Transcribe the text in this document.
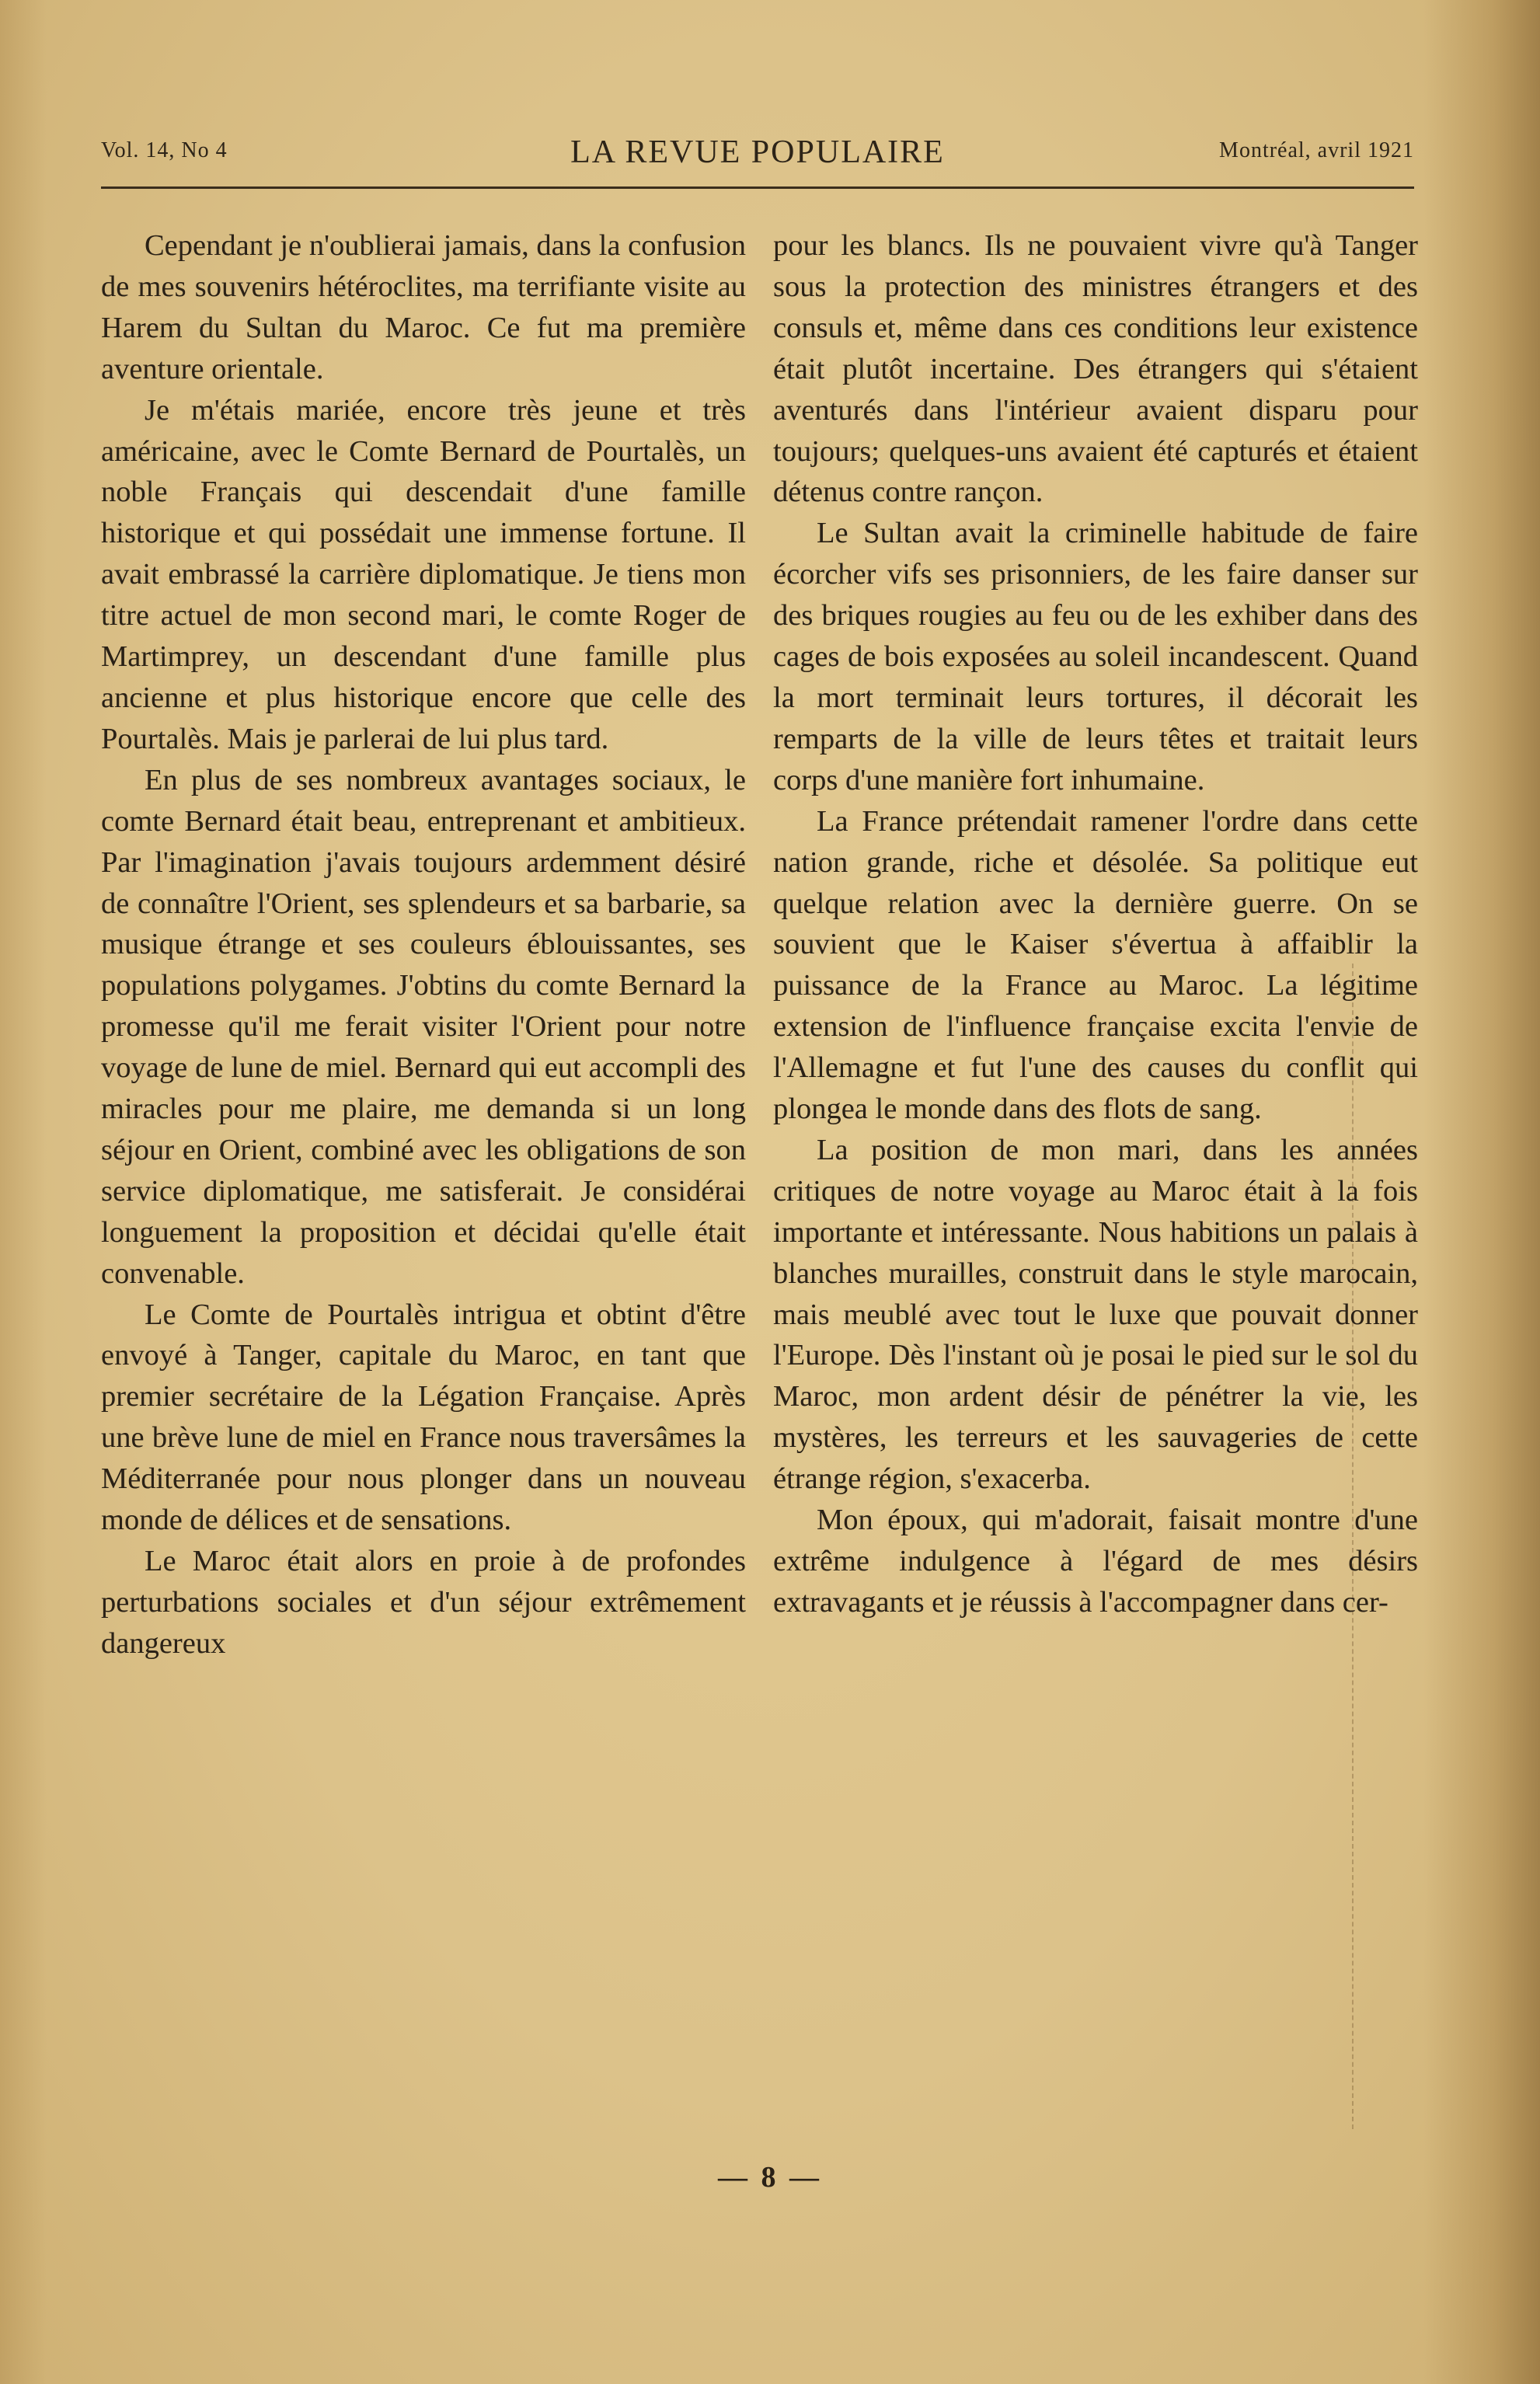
Vol. 14, No 4	LA REVUE POPULAIRE	Montréal, avril 1921

Cependant je n'oublierai jamais, dans la confusion de mes souvenirs hétéroclites, ma terrifiante visite au Harem du Sultan du Maroc. Ce fut ma première aventure orientale.

Je m'étais mariée, encore très jeune et très américaine, avec le Comte Bernard de Pourtalès, un noble Français qui descendait d'une famille historique et qui possédait une immense fortune. Il avait embrassé la carrière diplomatique. Je tiens mon titre actuel de mon second mari, le comte Roger de Martimprey, un descendant d'une famille plus ancienne et plus historique encore que celle des Pourtalès. Mais je parlerai de lui plus tard.

En plus de ses nombreux avantages sociaux, le comte Bernard était beau, entreprenant et ambitieux. Par l'imagination j'avais toujours ardemment désiré de connaître l'Orient, ses splendeurs et sa barbarie, sa musique étrange et ses couleurs éblouissantes, ses populations polygames. J'obtins du comte Bernard la promesse qu'il me ferait visiter l'Orient pour notre voyage de lune de miel. Bernard qui eut accompli des miracles pour me plaire, me demanda si un long séjour en Orient, combiné avec les obligations de son service diplomatique, me satisferait. Je considérai longuement la proposition et décidai qu'elle était convenable.

Le Comte de Pourtalès intrigua et obtint d'être envoyé à Tanger, capitale du Maroc, en tant que premier secrétaire de la Légation Française. Après une brève lune de miel en France nous traversâmes la Méditerranée pour nous plonger dans un nouveau monde de délices et de sensations.

Le Maroc était alors en proie à de profondes perturbations sociales et d'un séjour extrêmement dangereux

pour les blancs. Ils ne pouvaient vivre qu'à Tanger sous la protection des ministres étrangers et des consuls et, même dans ces conditions leur existence était plutôt incertaine. Des étrangers qui s'étaient aventurés dans l'intérieur avaient disparu pour toujours; quelques-uns avaient été capturés et étaient détenus contre rançon.

Le Sultan avait la criminelle habitude de faire écorcher vifs ses prisonniers, de les faire danser sur des briques rougies au feu ou de les exhiber dans des cages de bois exposées au soleil incandescent. Quand la mort terminait leurs tortures, il décorait les remparts de la ville de leurs têtes et traitait leurs corps d'une manière fort inhumaine.

La France prétendait ramener l'ordre dans cette nation grande, riche et désolée. Sa politique eut quelque relation avec la dernière guerre. On se souvient que le Kaiser s'évertua à affaiblir la puissance de la France au Maroc. La légitime extension de l'influence française excita l'envie de l'Allemagne et fut l'une des causes du conflit qui plongea le monde dans des flots de sang.

La position de mon mari, dans les années critiques de notre voyage au Maroc était à la fois importante et intéressante. Nous habitions un palais à blanches murailles, construit dans le style marocain, mais meublé avec tout le luxe que pouvait donner l'Europe. Dès l'instant où je posai le pied sur le sol du Maroc, mon ardent désir de pénétrer la vie, les mystères, les terreurs et les sauvageries de cette étrange région, s'exacerba.

Mon époux, qui m'adorait, faisait montre d'une extrême indulgence à l'égard de mes désirs extravagants et je réussis à l'accompagner dans cer-

— 8 —
